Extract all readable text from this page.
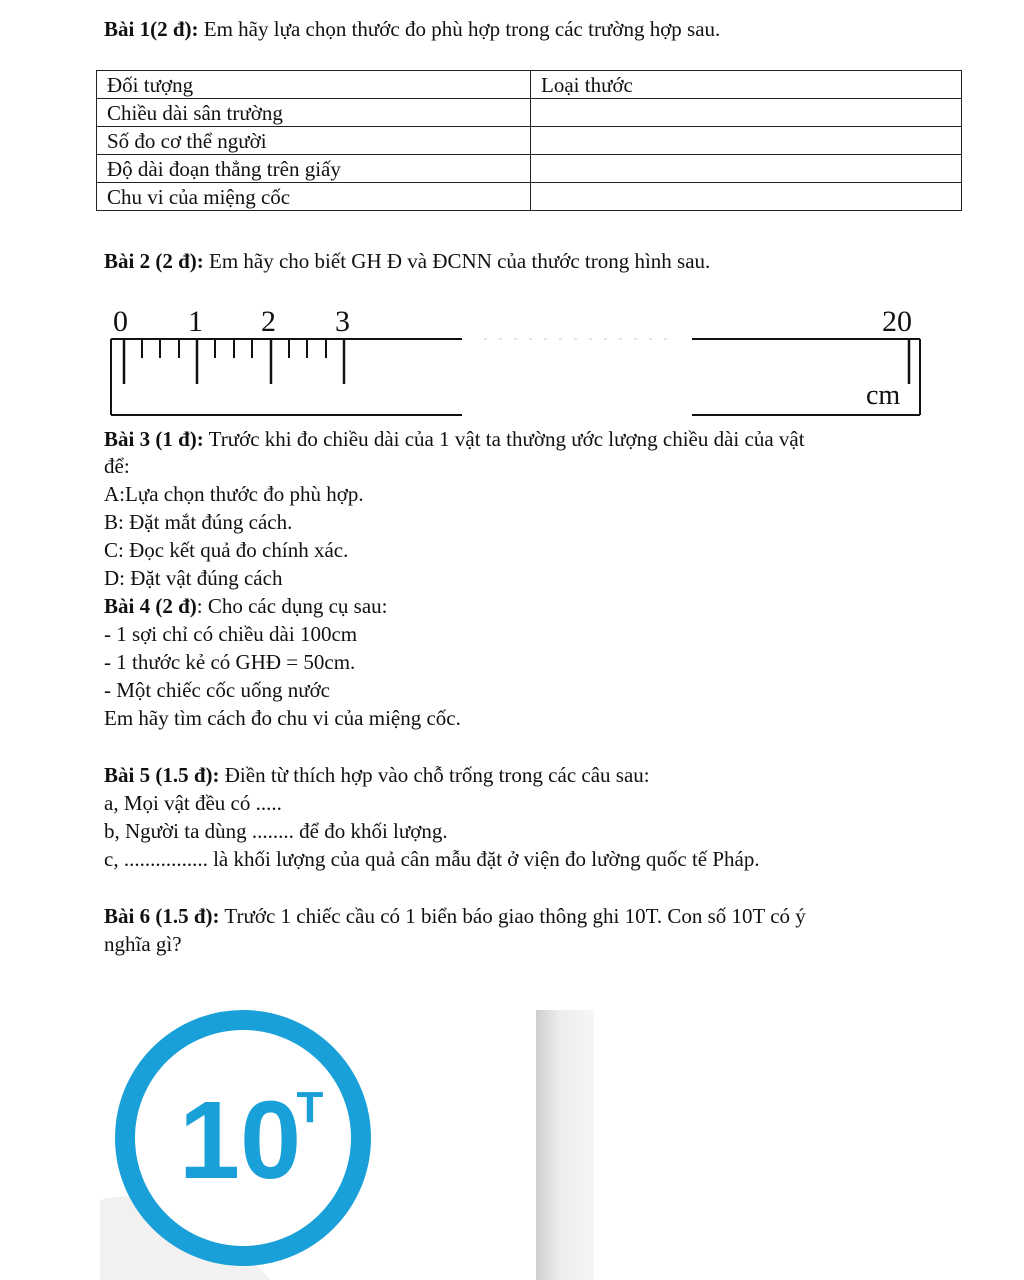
Bài 1(2 đ): Em hãy lựa chọn thước đo phù hợp trong các trường hợp sau.
Đối tượng	Loại thước
Chiều dài sân trường	
Số đo cơ thể người	
Độ dài đoạn thẳng trên giấy	
Chu vi của miệng cốc	
Bài 2 (2 đ): Em hãy cho biết GH Đ và ĐCNN của thước trong hình sau.
0 1 2 3	20
cm
Bài 3 (1 đ): Trước khi đo chiều dài của 1 vật ta thường ước lượng chiều dài của vật
để:
A:Lựa chọn thước đo phù hợp.
B: Đặt mắt đúng cách.
C: Đọc kết quả đo chính xác.
D: Đặt vật đúng cách
Bài 4 (2 đ): Cho các dụng cụ sau:
- 1 sợi chỉ có chiều dài 100cm
- 1 thước kẻ có GHĐ = 50cm.
- Một chiếc cốc uống nước
Em hãy tìm cách đo chu vi của miệng cốc.
Bài 5 (1.5 đ): Điền từ thích hợp vào chỗ trống trong các câu sau:
a, Mọi vật đều có .....
b, Người ta dùng ........ để đo khối lượng.
c, ................ là khối lượng của quả cân mẫu đặt ở viện đo lường quốc tế Pháp.
Bài 6 (1.5 đ): Trước 1 chiếc cầu có 1 biển báo giao thông ghi 10T. Con số 10T có ý
nghĩa gì?
10
T
